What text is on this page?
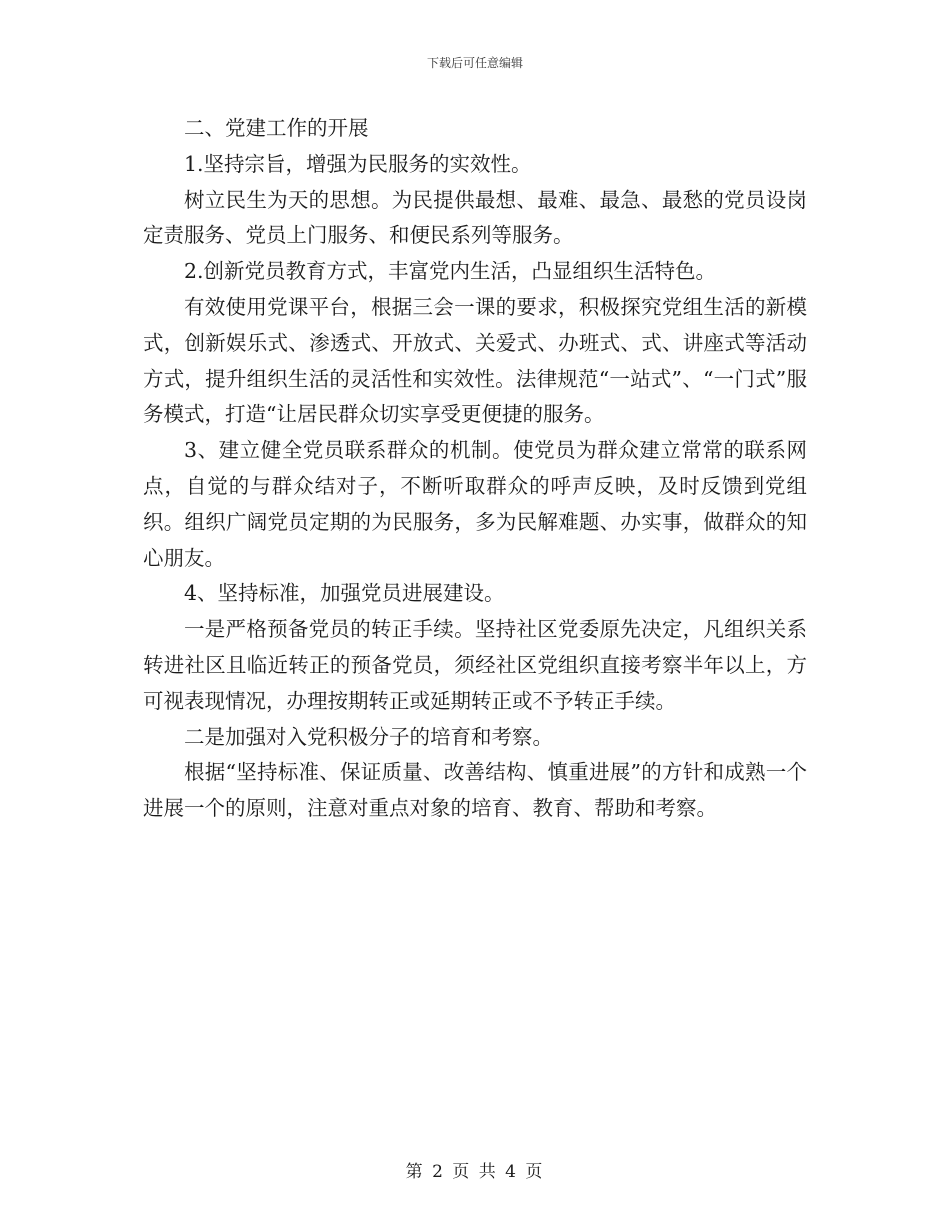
下载后可任意编辑

二、党建工作的开展

1.坚持宗旨，增强为民服务的实效性。

树立民生为天的思想。为民提供最想、最难、最急、最愁的党员设岗定责服务、党员上门服务、和便民系列等服务。

2.创新党员教育方式，丰富党内生活，凸显组织生活特色。

有效使用党课平台，根据三会一课的要求，积极探究党组生活的新模式，创新娱乐式、渗透式、开放式、关爱式、办班式、式、讲座式等活动方式，提升组织生活的灵活性和实效性。法律规范“一站式”、“一门式”服务模式，打造“让居民群众切实享受更便捷的服务。

3、建立健全党员联系群众的机制。使党员为群众建立常常的联系网点，自觉的与群众结对子，不断听取群众的呼声反映，及时反馈到党组织。组织广阔党员定期的为民服务，多为民解难题、办实事，做群众的知心朋友。

4、坚持标准，加强党员进展建设。

一是严格预备党员的转正手续。坚持社区党委原先决定，凡组织关系转进社区且临近转正的预备党员，须经社区党组织直接考察半年以上，方可视表现情况，办理按期转正或延期转正或不予转正手续。

二是加强对入党积极分子的培育和考察。

根据“坚持标准、保证质量、改善结构、慎重进展”的方针和成熟一个进展一个的原则，注意对重点对象的培育、教育、帮助和考察。

第 2 页 共 4 页
